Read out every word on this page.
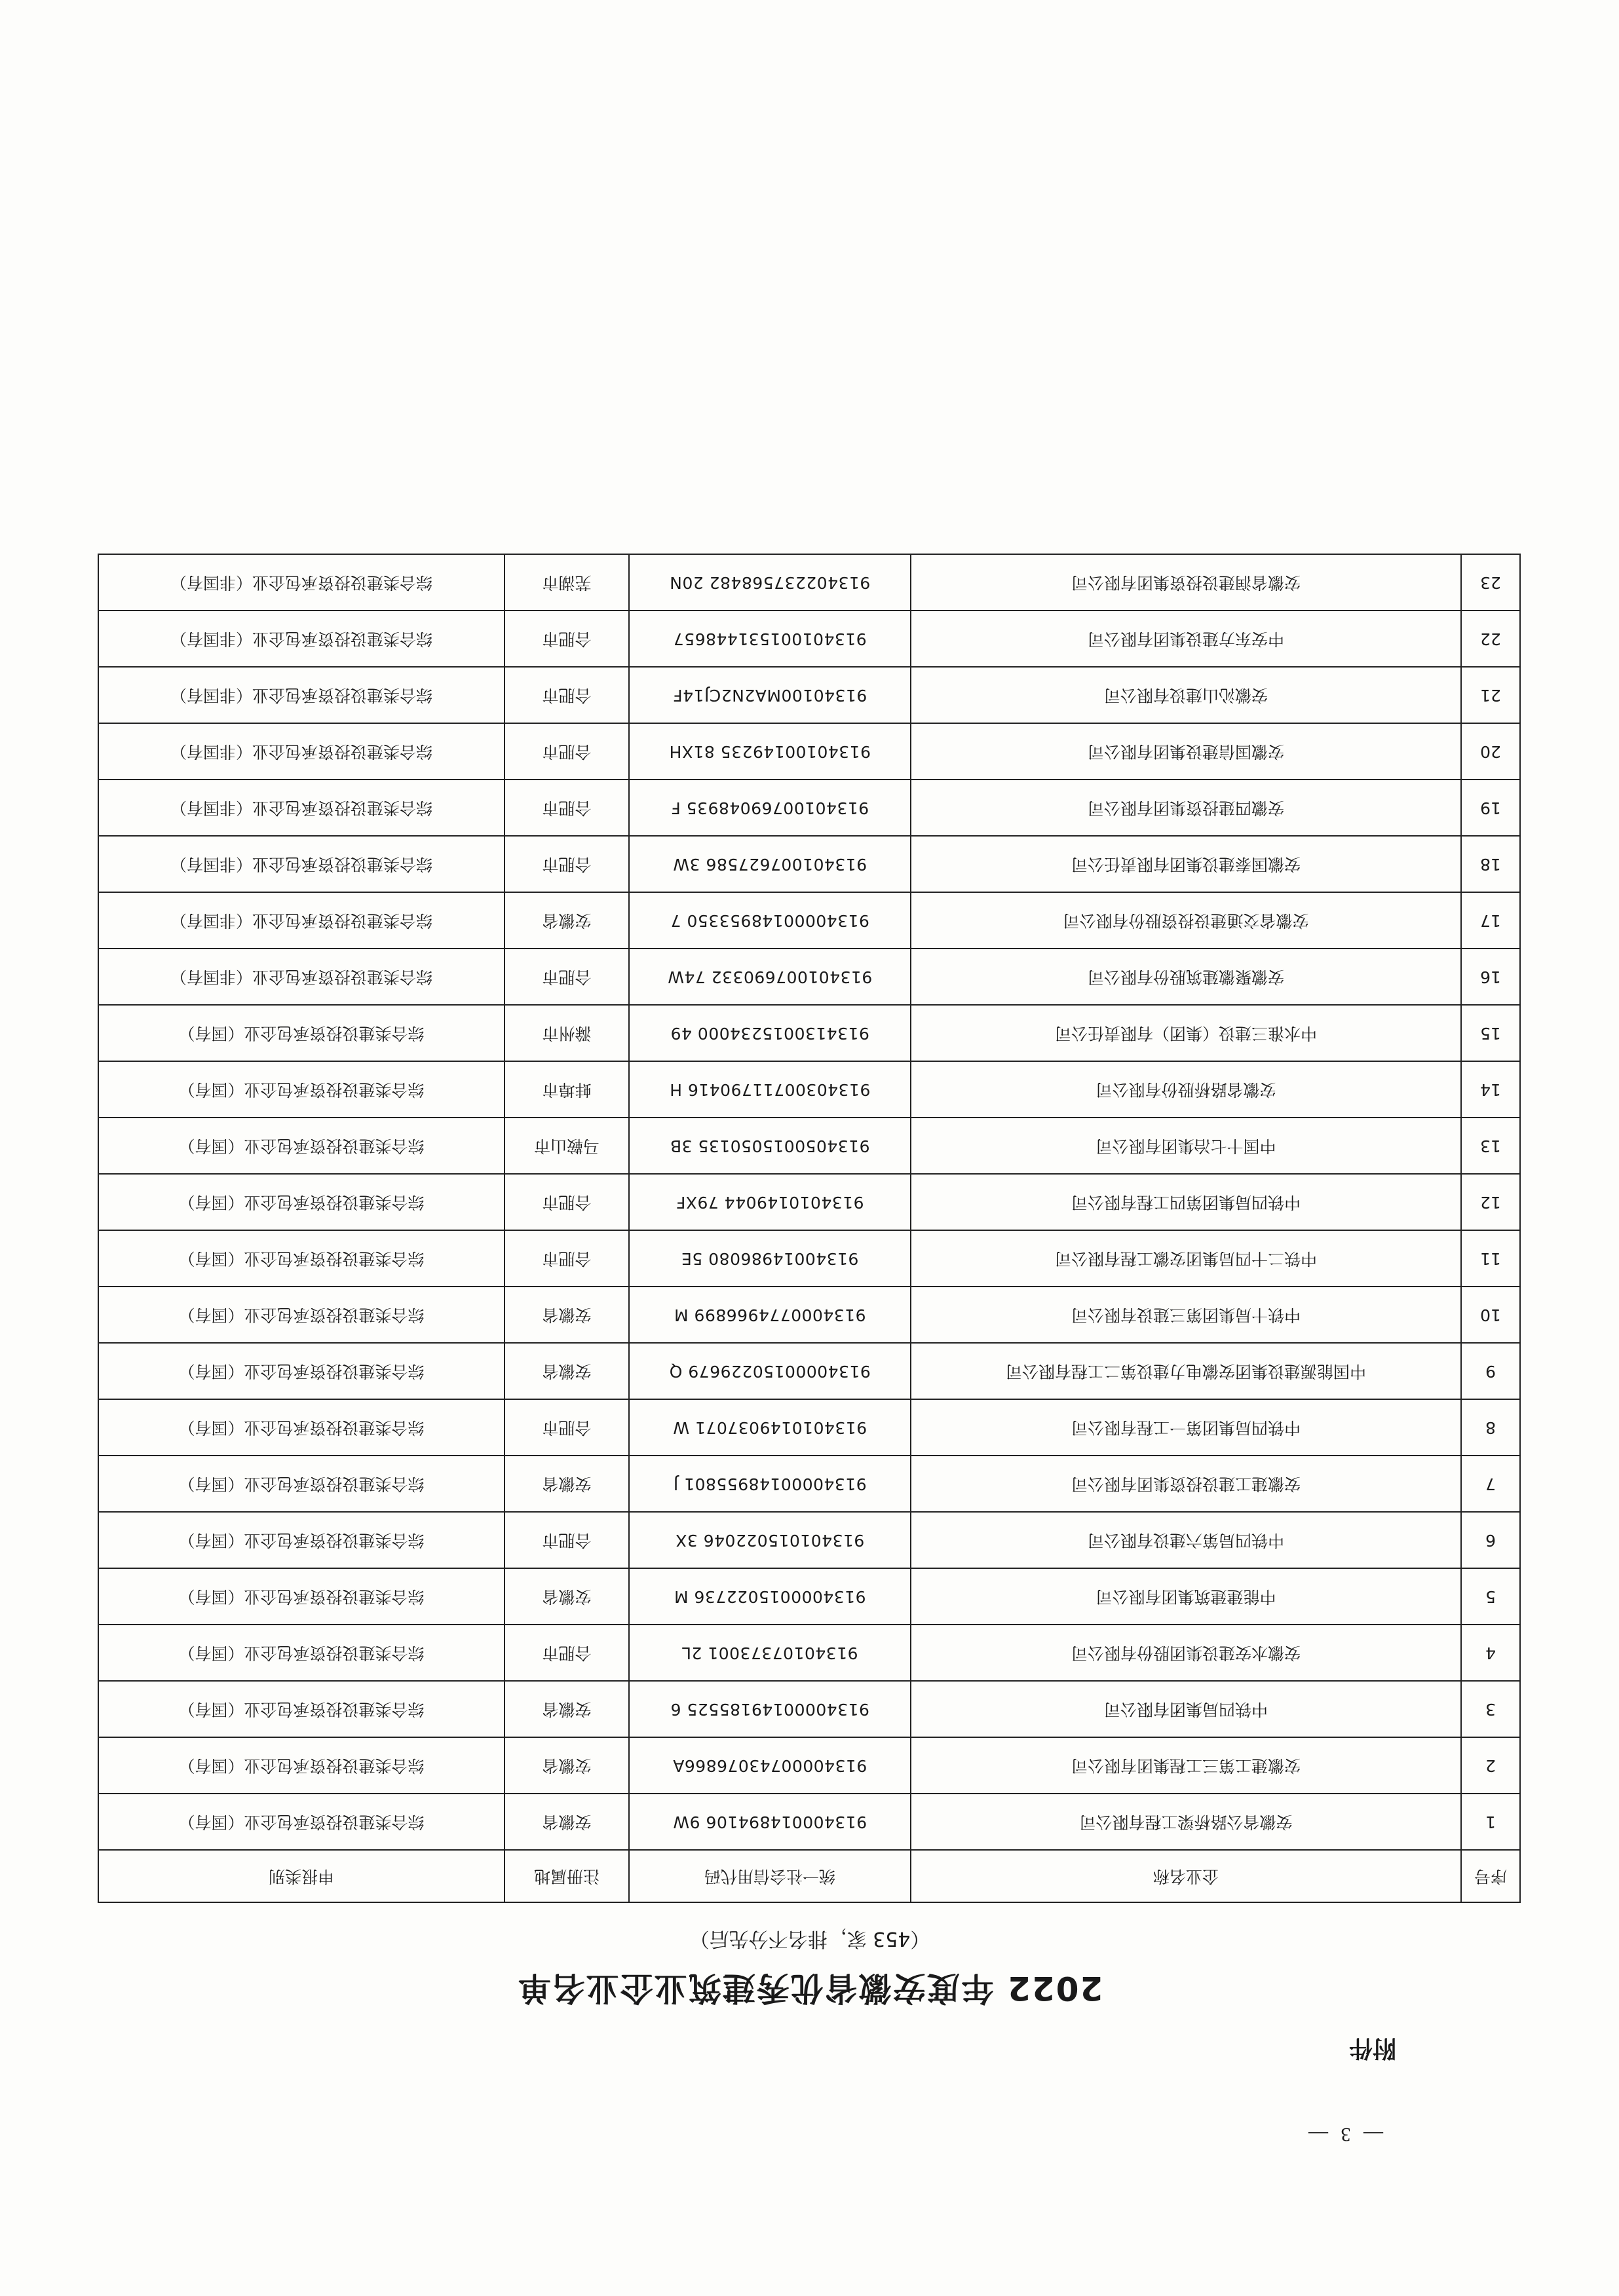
— 3 —
附件
2022 年度安徽省优秀建筑业企业名单
（453 家，排名不分先后）
序号	企业名称	统一社会信用代码	注册属地	申报类别
1	安徽省公路桥梁工程有限公司	913400014894106 9W	安徽省	综合类建设投资承包企业（国有）
2	安徽建工第三工程集团有限公司	91340000743076866A	安徽省	综合类建设投资承包企业（国有）
3	中铁四局集团有限公司	91340000149185525 6	安徽省	综合类建设投资承包企业（国有）
4	安徽水安建设集团股份有限公司	91340107373001 2L	合肥市	综合类建设投资承包企业（国有）
5	中能建建筑集团有限公司	9134000015022736 M	安徽省	综合类建设投资承包企业（国有）
6	中铁四局第六建设有限公司	913401015022046 3X	合肥市	综合类建设投资承包企业（国有）
7	安徽建工建设投资集团有限公司	91340000148955801 J	安徽省	综合类建设投资承包企业（国有）
8	中铁四局集团第一工程有限公司	9134010149037071 W	合肥市	综合类建设投资承包企业（国有）
9	中国能源建设集团安徽电力建设第二工程有限公司	91340000150229679 Q	安徽省	综合类建设投资承包企业（国有）
10	中铁十局集团第三建设有限公司	9134000774966899 M	安徽省	综合类建设投资承包企业（国有）
11	中铁二十四局集团安徽工程有限公司	91340014986080 5E	合肥市	综合类建设投资承包企业（国有）
12	中铁四局集团第四工程有限公司	9134010149044 79XF	合肥市	综合类建设投资承包企业（国有）
13	中国十七冶集团有限公司	9134050015050135 3B	马鞍山市	综合类建设投资承包企业（国有）
14	安徽省路桥股份有限公司	91340300711790416 H	蚌埠市	综合类建设投资承包企业（国有）
15	中水淮三建设（集团）有限责任公司	9134130015234000 49	滁州市	综合类建设投资承包企业（国有）
16	安徽聚徽建筑股份有限公司	913401007690332 74W	合肥市	综合类建设投资承包企业（非国有）
17	安徽省交通建设投资股份有限公司	91340000148953350 7	安徽省	综合类建设投资承包企业（非国有）
18	安徽国泰建设集团有限责任公司	913401007627586 3W	合肥市	综合类建设投资承包企业（非国有）
19	安徽四建投资集团有限公司	91340100769048935 F	合肥市	综合类建设投资承包企业（非国有）
20	安徽国信建设集团有限公司	91340100149235 81XH	合肥市	综合类建设投资承包企业（非国有）
21	安徽沁山建设有限公司	91340100MA2N2CJ14F	合肥市	综合类建设投资承包企业（非国有）
22	中安东方建设集团有限公司	913401001531448657	合肥市	综合类建设投资承包企业（非国有）
23	安徽省润建设投资集团有限公司	913402237568482 20N	芜湖市	综合类建设投资承包企业（非国有）
